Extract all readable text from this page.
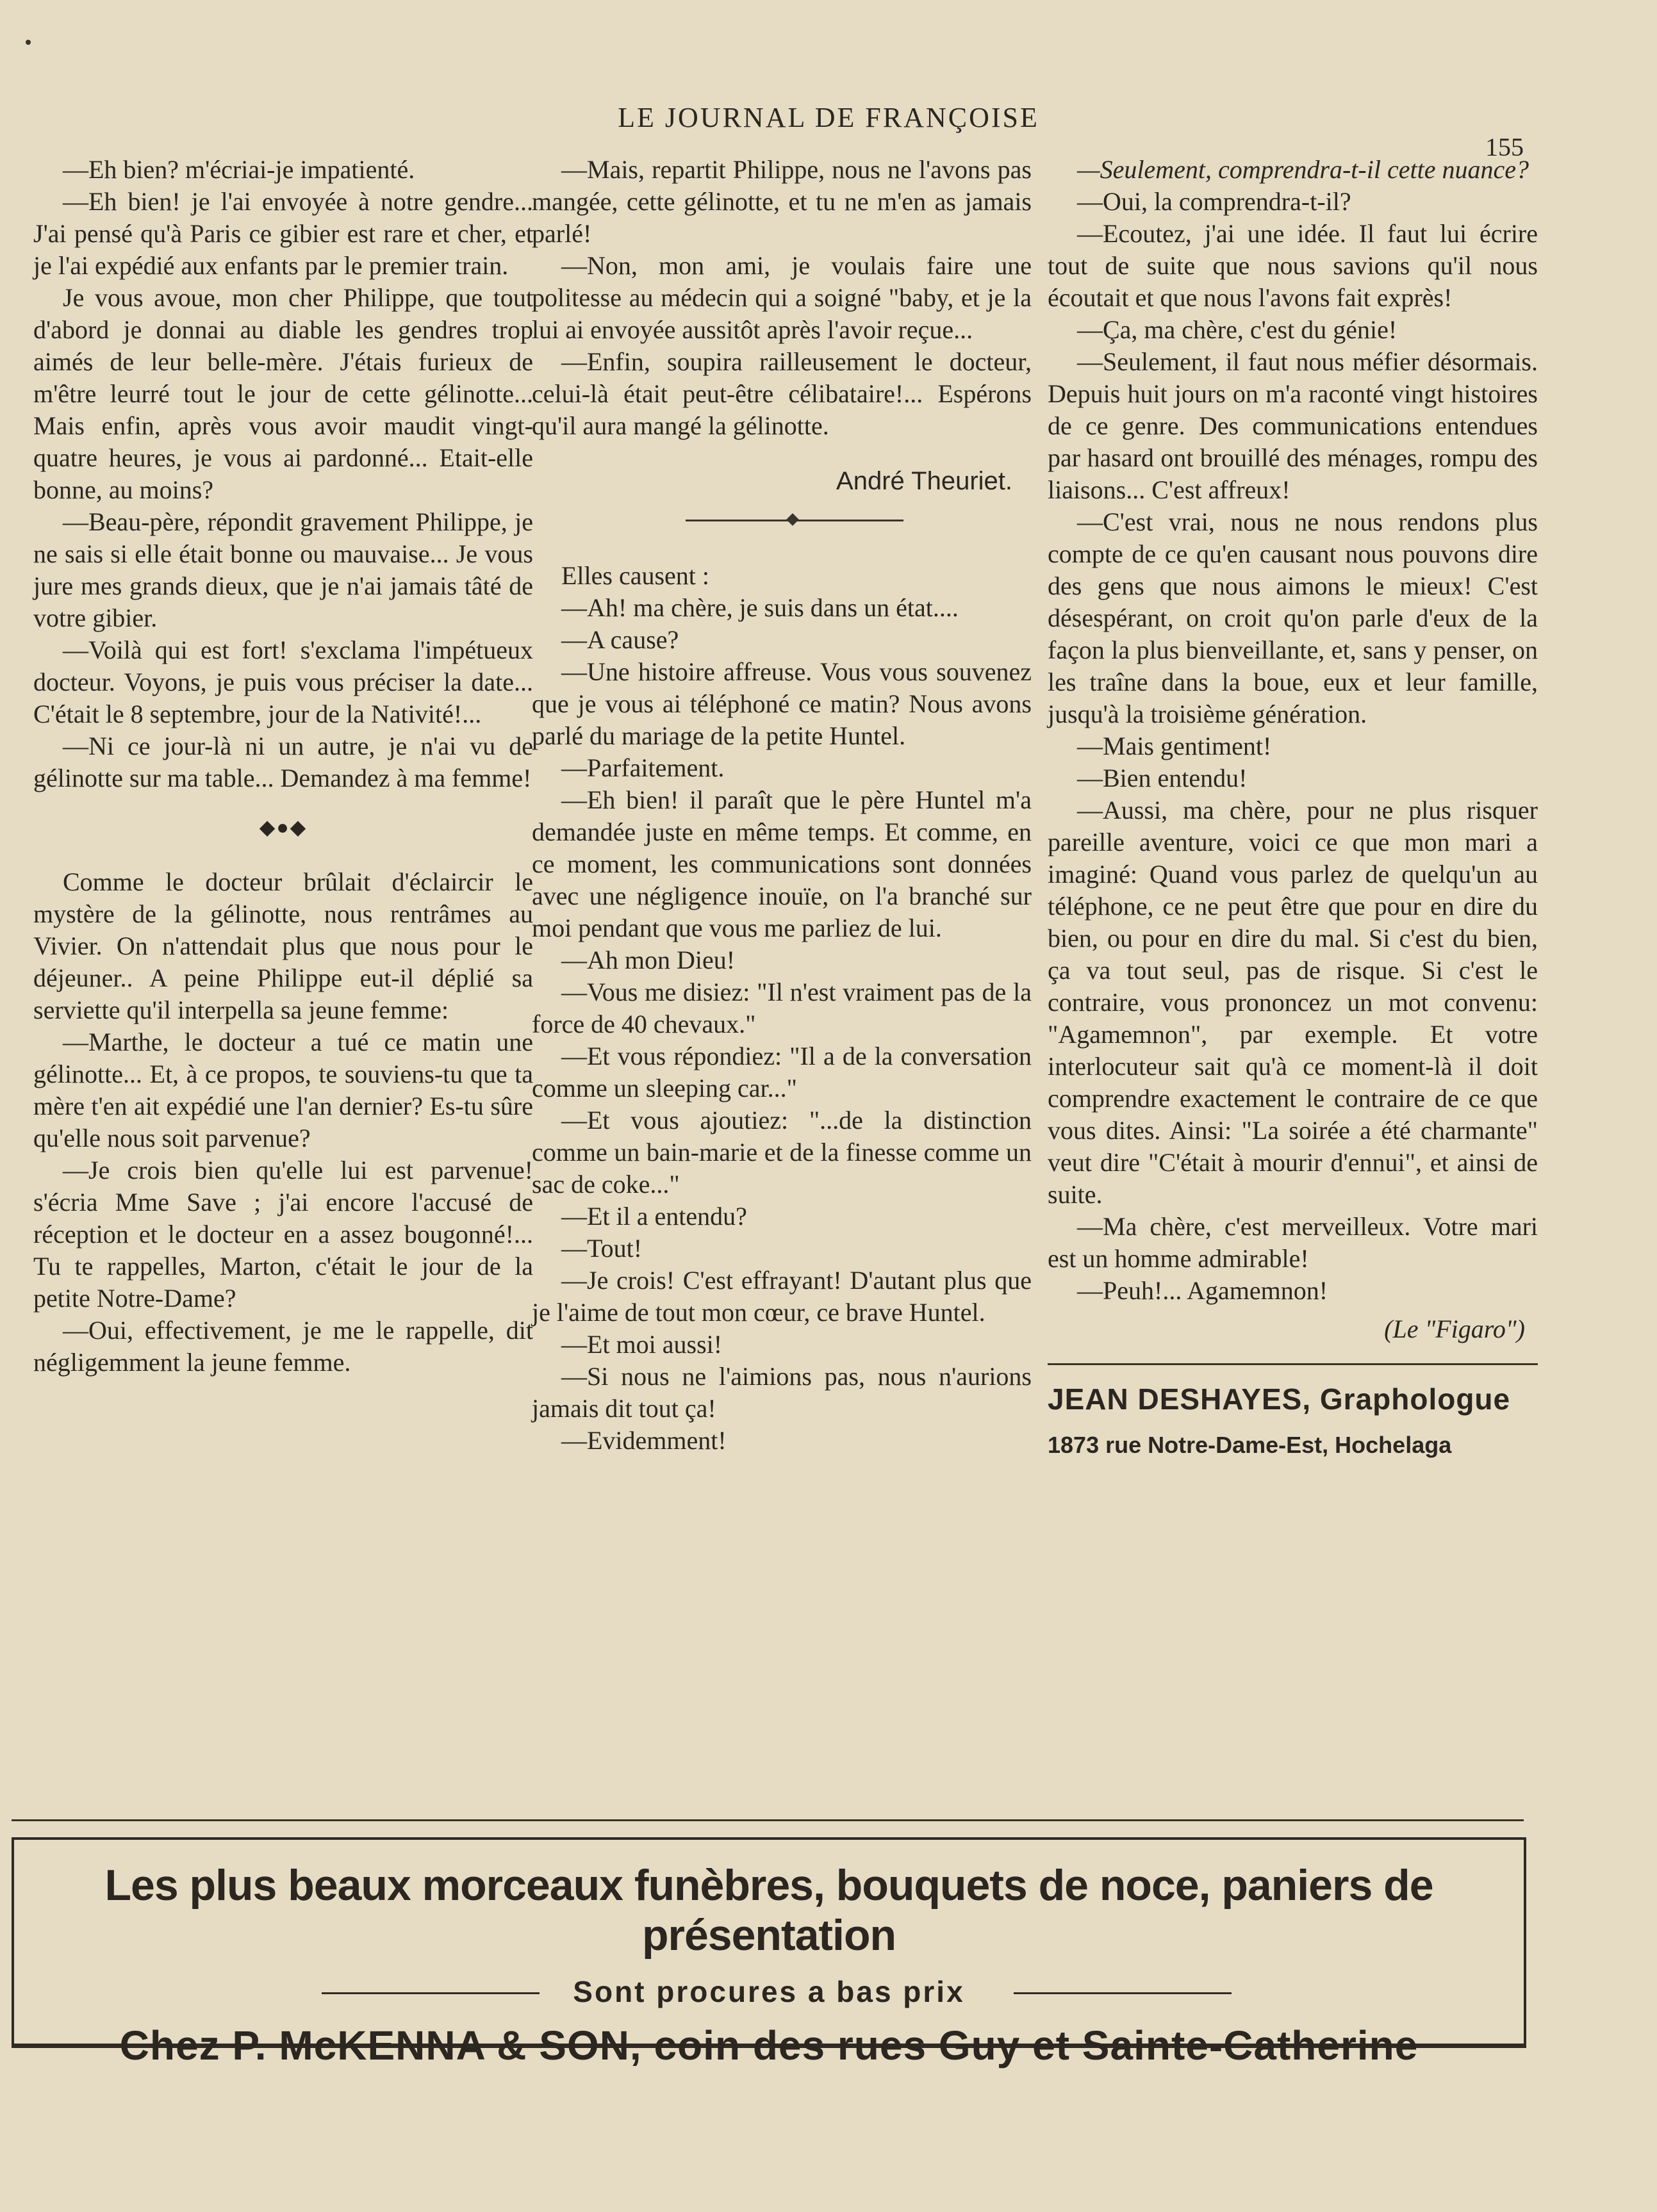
LE JOURNAL DE FRANÇOISE
155

—Eh bien? m'écriai-je impatienté.

—Eh bien! je l'ai envoyée à notre gendre... J'ai pensé qu'à Paris ce gibier est rare et cher, et je l'ai expédié aux enfants par le premier train.

Je vous avoue, mon cher Philippe, que tout d'abord je donnai au diable les gendres trop aimés de leur belle-mère. J'étais furieux de m'être leurré tout le jour de cette gélinotte... Mais enfin, après vous avoir maudit vingt-quatre heures, je vous ai pardonné... Etait-elle bonne, au moins?

—Beau-père, répondit gravement Philippe, je ne sais si elle était bonne ou mauvaise... Je vous jure mes grands dieux, que je n'ai jamais tâté de votre gibier.

—Voilà qui est fort! s'exclama l'impétueux docteur. Voyons, je puis vous préciser la date... C'était le 8 septembre, jour de la Nativité!...

—Ni ce jour-là ni un autre, je n'ai vu de gélinotte sur ma table... Demandez à ma femme!

◆●◆

Comme le docteur brûlait d'éclaircir le mystère de la gélinotte, nous rentrâmes au Vivier. On n'attendait plus que nous pour le déjeuner.. A peine Philippe eut-il déplié sa serviette qu'il interpella sa jeune femme:

—Marthe, le docteur a tué ce matin une gélinotte... Et, à ce propos, te souviens-tu que ta mère t'en ait expédié une l'an dernier? Es-tu sûre qu'elle nous soit parvenue?

—Je crois bien qu'elle lui est parvenue! s'écria Mme Save ; j'ai encore l'accusé de réception et le docteur en a assez bougonné!... Tu te rappelles, Marton, c'était le jour de la petite Notre-Dame?

—Oui, effectivement, je me le rappelle, dit négligemment la jeune femme.

—Mais, repartit Philippe, nous ne l'avons pas mangée, cette gélinotte, et tu ne m'en as jamais parlé!

—Non, mon ami, je voulais faire une politesse au médecin qui a soigné "baby, et je la lui ai envoyée aussitôt après l'avoir reçue...

—Enfin, soupira railleusement le docteur, celui-là était peut-être célibataire!... Espérons qu'il aura mangé la gélinotte.

André Theuriet.

Elles causent :

—Ah! ma chère, je suis dans un état....

—A cause?

—Une histoire affreuse. Vous vous souvenez que je vous ai téléphoné ce matin? Nous avons parlé du mariage de la petite Huntel.

—Parfaitement.

—Eh bien! il paraît que le père Huntel m'a demandée juste en même temps. Et comme, en ce moment, les communications sont données avec une négligence inouïe, on l'a branché sur moi pendant que vous me parliez de lui.

—Ah mon Dieu!

—Vous me disiez: "Il n'est vraiment pas de la force de 40 chevaux."

—Et vous répondiez: "Il a de la conversation comme un sleeping car..."

—Et vous ajoutiez: "...de la distinction comme un bain-marie et de la finesse comme un sac de coke..."

—Et il a entendu?

—Tout!

—Je crois! C'est effrayant! D'autant plus que je l'aime de tout mon cœur, ce brave Huntel.

—Et moi aussi!

—Si nous ne l'aimions pas, nous n'aurions jamais dit tout ça!

—Evidemment!

—Seulement, comprendra-t-il cette nuance?

—Oui, la comprendra-t-il?

—Ecoutez, j'ai une idée. Il faut lui écrire tout de suite que nous savions qu'il nous écoutait et que nous l'avons fait exprès!

—Ça, ma chère, c'est du génie!

—Seulement, il faut nous méfier désormais. Depuis huit jours on m'a raconté vingt histoires de ce genre. Des communications entendues par hasard ont brouillé des ménages, rompu des liaisons... C'est affreux!

—C'est vrai, nous ne nous rendons plus compte de ce qu'en causant nous pouvons dire des gens que nous aimons le mieux! C'est désespérant, on croit qu'on parle d'eux de la façon la plus bienveillante, et, sans y penser, on les traîne dans la boue, eux et leur famille, jusqu'à la troisième génération.

—Mais gentiment!

—Bien entendu!

—Aussi, ma chère, pour ne plus risquer pareille aventure, voici ce que mon mari a imaginé: Quand vous parlez de quelqu'un au téléphone, ce ne peut être que pour en dire du bien, ou pour en dire du mal. Si c'est du bien, ça va tout seul, pas de risque. Si c'est le contraire, vous prononcez un mot convenu: "Agamemnon", par exemple. Et votre interlocuteur sait qu'à ce moment-là il doit comprendre exactement le contraire de ce que vous dites. Ainsi: "La soirée a été charmante" veut dire "C'était à mourir d'ennui", et ainsi de suite.

—Ma chère, c'est merveilleux. Votre mari est un homme admirable!

—Peuh!... Agamemnon!

(Le "Figaro")
JEAN DESHAYES, Graphologue
1873 rue Notre-Dame-Est, Hochelaga
Les plus beaux morceaux funèbres, bouquets de noce, paniers de présentation
Sont procures a bas prix
Chez P. McKENNA & SON, coin des rues Guy et Sainte-Catherine
